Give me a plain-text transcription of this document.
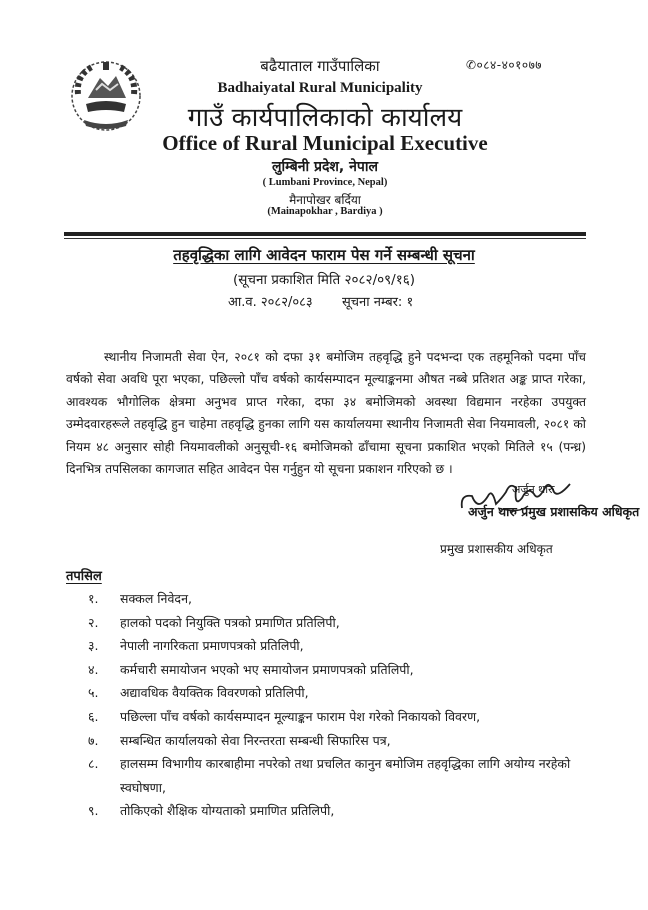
✆०८४-४०१०७७
बढैयाताल गाउँपालिका
Badhaiyatal Rural Municipality
गाउँ कार्यपालिकाको कार्यालय
Office of Rural Municipal Executive
लुम्बिनी प्रदेश, नेपाल
( Lumbani Province, Nepal)
मैनापोखर बर्दिया
(Mainapokhar , Bardiya )
तहवृद्धिका लागि आवेदन फाराम पेस गर्ने सम्बन्धी सूचना
(सूचना प्रकाशित मिति २०८२/०९/१६)
आ.व. २०८२/०८३ सूचना नम्बर: १
स्थानीय निजामती सेवा ऐन, २०८१ को दफा ३१ बमोजिम तहवृद्धि हुने पदभन्दा एक तहमूनिको पदमा पाँच वर्षको सेवा अवधि पूरा भएका, पछिल्लो पाँच वर्षको कार्यसम्पादन मूल्याङ्कनमा औषत नब्बे प्रतिशत अङ्क प्राप्त गरेका, आवश्यक भौगोलिक क्षेत्रमा अनुभव प्राप्त गरेका, दफा ३४ बमोजिमको अवस्था विद्यमान नरहेका उपयुक्त उम्मेदवारहरूले तहवृद्धि हुन चाहेमा तहवृद्धि हुनका लागि यस कार्यालयमा स्थानीय निजामती सेवा नियमावली, २०८१ को नियम ४८ अनुसार सोही नियमावलीको अनुसूची-१६ बमोजिमको ढाँचामा सूचना प्रकाशित भएको मितिले १५ (पन्ध्र) दिनभित्र तपसिलका कागजात सहित आवेदन पेस गर्नुहुन यो सूचना प्रकाशन गरिएको छ ।
अर्जुन थारु
अर्जुन थारु प्रमुख प्रशासकिय अधिकृत
प्रमुख प्रशासकीय अधिकृत
तपसिल
१.	सक्कल निवेदन,
२.	हालको पदको नियुक्ति पत्रको प्रमाणित प्रतिलिपी,
३.	नेपाली नागरिकता प्रमाणपत्रको प्रतिलिपी,
४.	कर्मचारी समायोजन भएको भए समायोजन प्रमाणपत्रको प्रतिलिपी,
५.	अद्यावधिक वैयक्तिक विवरणको प्रतिलिपी,
६.	पछिल्ला पाँच वर्षको कार्यसम्पादन मूल्याङ्कन फाराम पेश गरेको निकायको विवरण,
७.	सम्बन्धित कार्यालयको सेवा निरन्तरता सम्बन्धी सिफारिस पत्र,
८.	हालसम्म विभागीय कारबाहीमा नपरेको तथा प्रचलित कानुन बमोजिम तहवृद्धिका लागि अयोग्य नरहेको स्वघोषणा,
९.	तोकिएको शैक्षिक योग्यताको प्रमाणित प्रतिलिपी,
